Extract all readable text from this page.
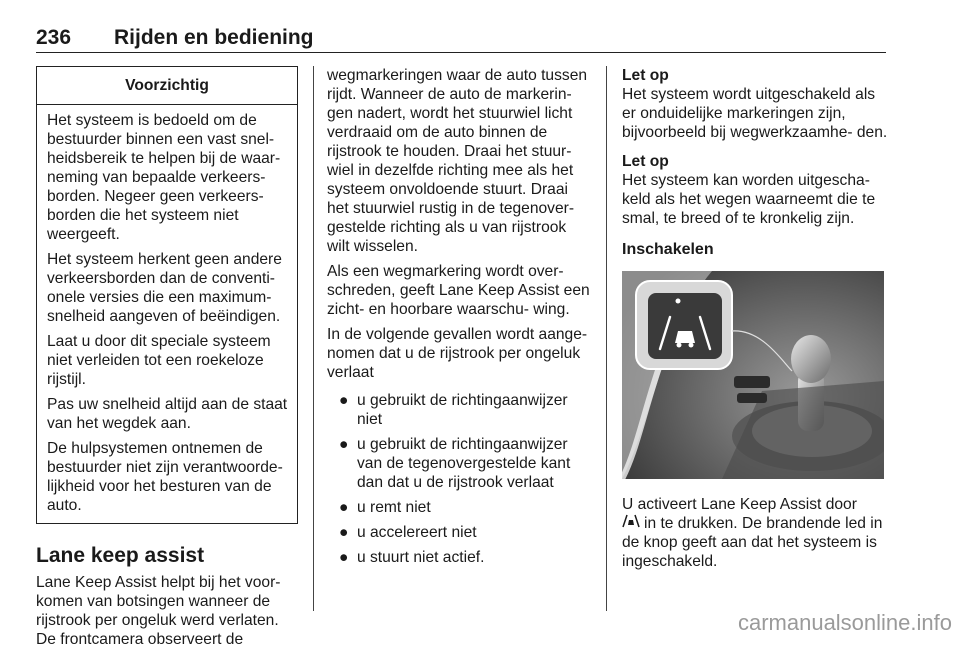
236 Rijden en bediening
Voorzichtig

Het systeem is bedoeld om de bestuurder binnen een vast snel- heidsbereik te helpen bij de waar- neming van bepaalde verkeers- borden. Negeer geen verkeers- borden die het systeem niet weergeeft.

Het systeem herkent geen andere verkeersborden dan de conventi- onele versies die een maximum- snelheid aangeven of beëindigen.

Laat u door dit speciale systeem niet verleiden tot een roekeloze rijstijl.

Pas uw snelheid altijd aan de staat van het wegdek aan.

De hulpsystemen ontnemen de bestuurder niet zijn verantwoorde- lijkheid voor het besturen van de auto.

Lane keep assist

Lane Keep Assist helpt bij het voor- komen van botsingen wanneer de rijstrook per ongeluk werd verlaten. De frontcamera observeert de

wegmarkeringen waar de auto tussen rijdt. Wanneer de auto de markerin- gen nadert, wordt het stuurwiel licht verdraaid om de auto binnen de rijstrook te houden. Draai het stuur- wiel in dezelfde richting mee als het systeem onvoldoende stuurt. Draai het stuurwiel rustig in de tegenover- gestelde richting als u van rijstrook wilt wisselen.

Als een wegmarkering wordt over- schreden, geeft Lane Keep Assist een zicht- en hoorbare waarschu- wing.

In de volgende gevallen wordt aange- nomen dat u de rijstrook per ongeluk verlaat

● u gebruikt de richtingaanwijzer niet
● u gebruikt de richtingaanwijzer van de tegenovergestelde kant dan dat u de rijstrook verlaat
● u remt niet
● u accelereert niet
● u stuurt niet actief.

Let op

Het systeem wordt uitgeschakeld als er onduidelijke markeringen zijn, bijvoorbeeld bij wegwerkzaamhe- den.

Let op

Het systeem kan worden uitgescha- keld als het wegen waarneemt die te smal, te breed of te kronkelig zijn.

Inschakelen

U activeert Lane Keep Assist door
in te drukken. De brandende led in de knop geeft aan dat het systeem is ingeschakeld.

carmanualsonline.info
